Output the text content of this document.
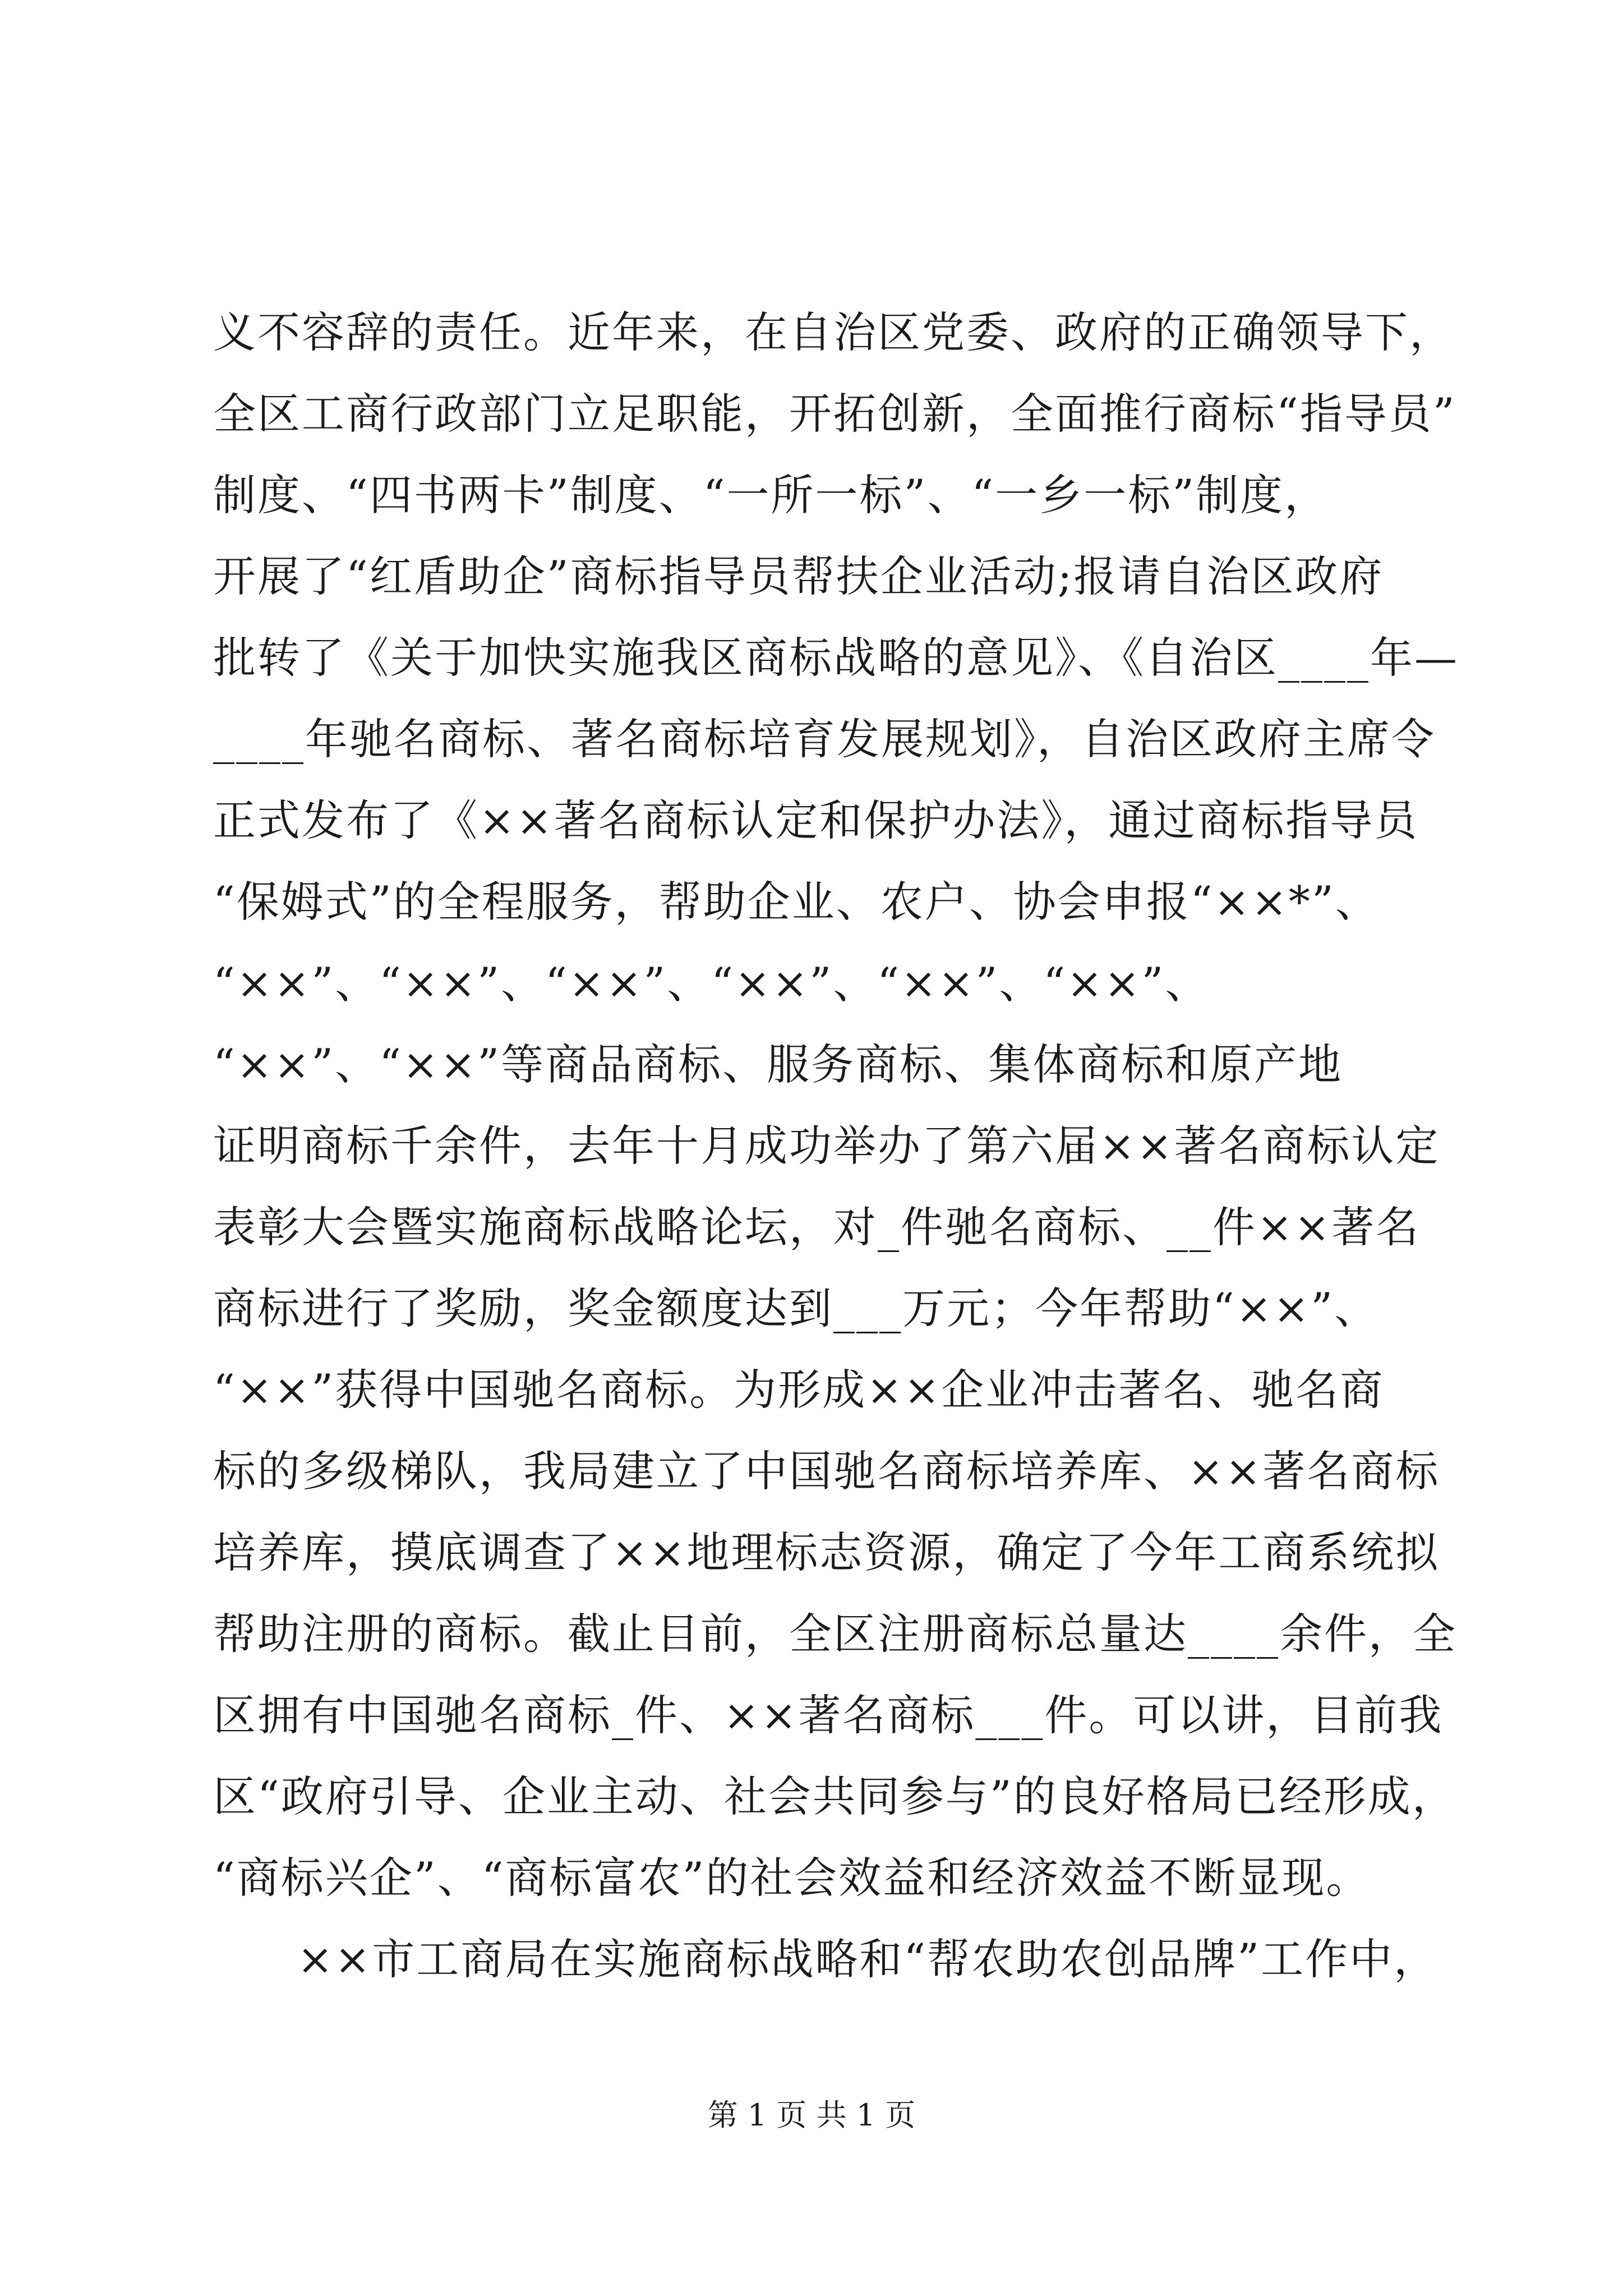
义不容辞的责任。近年来，在自治区党委、政府的正确领导下，
全区工商行政部门立足职能，开拓创新，全面推行商标“指导员”
制度、“四书两卡”制度、“一所一标”、“一乡一标”制度，
开展了“红盾助企”商标指导员帮扶企业活动;报请自治区政府
批转了《关于加快实施我区商标战略的意见》、《自治区____年—
____年驰名商标、著名商标培育发展规划》，自治区政府主席令
正式发布了《××著名商标认定和保护办法》，通过商标指导员
“保姆式”的全程服务，帮助企业、农户、协会申报“××*”、
“××”、“××”、“××”、“××”、“××”、“××”、
“××”、“××”等商品商标、服务商标、集体商标和原产地
证明商标千余件，去年十月成功举办了第六届××著名商标认定
表彰大会暨实施商标战略论坛，对_件驰名商标、__件××著名
商标进行了奖励，奖金额度达到___万元；今年帮助“××”、
“××”获得中国驰名商标。为形成××企业冲击著名、驰名商
标的多级梯队，我局建立了中国驰名商标培养库、××著名商标
培养库，摸底调查了××地理标志资源，确定了今年工商系统拟
帮助注册的商标。截止目前，全区注册商标总量达____余件，全
区拥有中国驰名商标_件、××著名商标___件。可以讲，目前我
区“政府引导、企业主动、社会共同参与”的良好格局已经形成，
“商标兴企”、“商标富农”的社会效益和经济效益不断显现。
××市工商局在实施商标战略和“帮农助农创品牌”工作中，
第 1 页 共 1 页
